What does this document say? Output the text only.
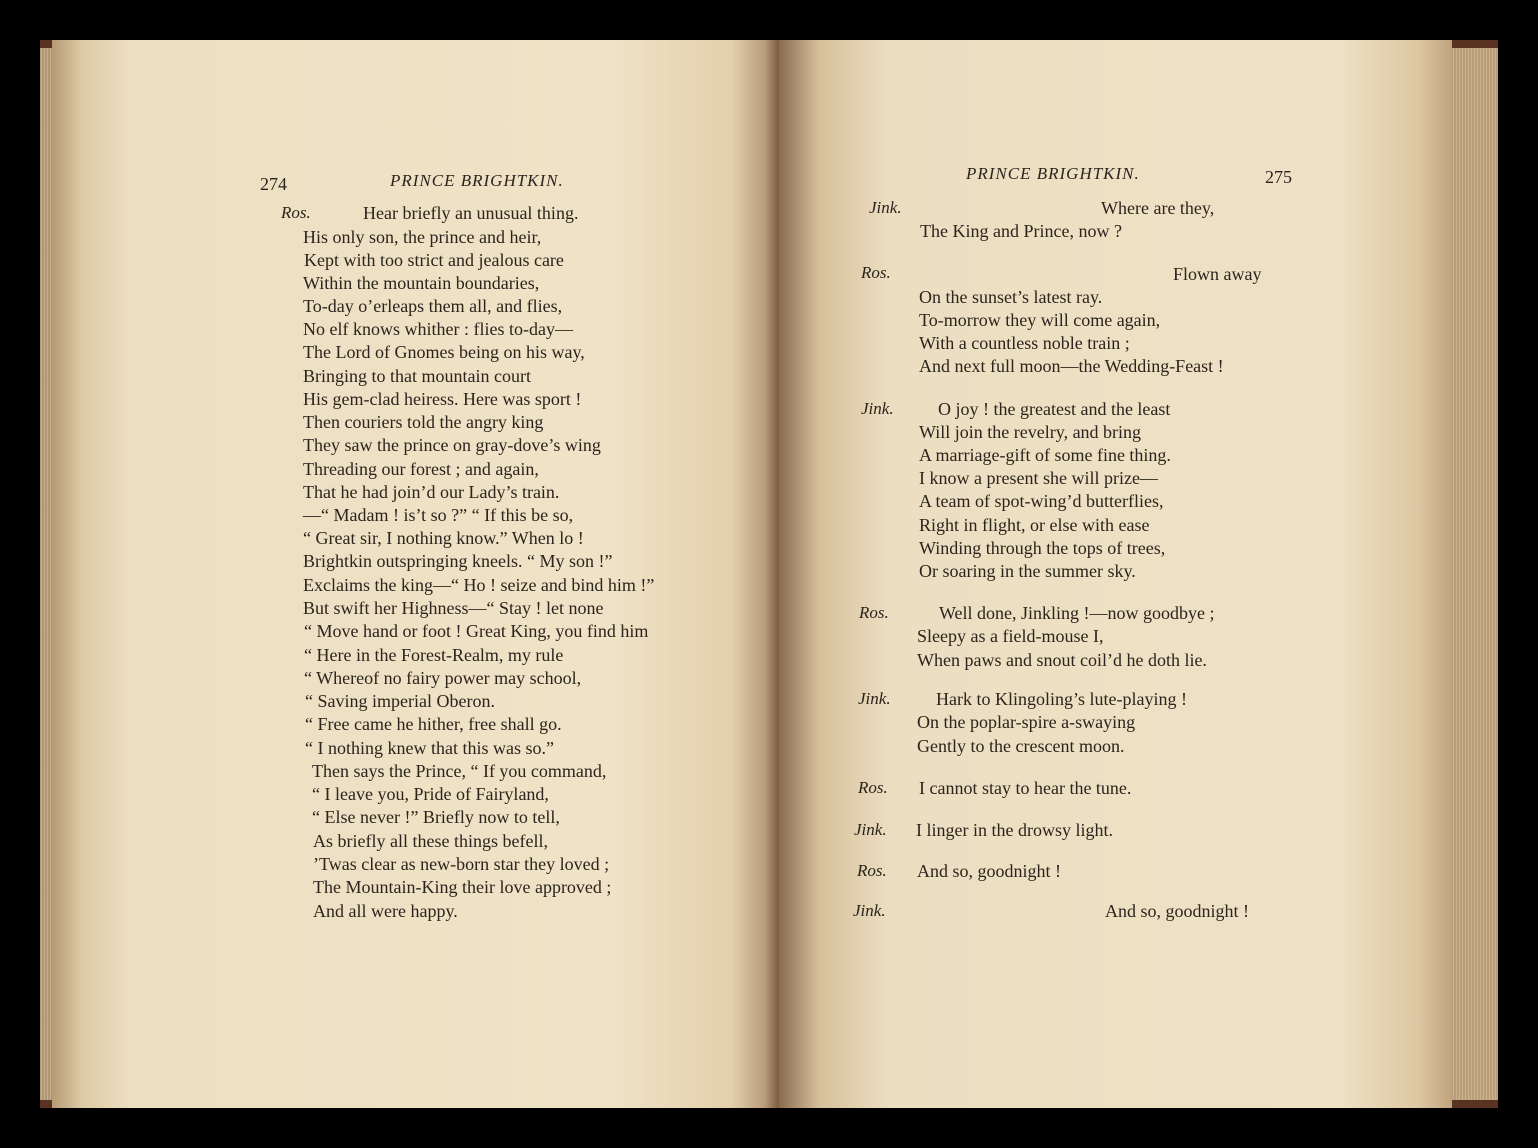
274	PRINCE BRIGHTKIN.
Ros.	Hear briefly an unusual thing.
His only son, the prince and heir,
Kept with too strict and jealous care
Within the mountain boundaries,
To-day o’erleaps them all, and flies,
No elf knows whither : flies to-day—
The Lord of Gnomes being on his way,
Bringing to that mountain court
His gem-clad heiress. Here was sport !
Then couriers told the angry king
They saw the prince on gray-dove’s wing
Threading our forest ; and again,
That he had join’d our Lady’s train.
—“ Madam ! is’t so ?” “ If this be so,
“ Great sir, I nothing know.” When lo !
Brightkin outspringing kneels. “ My son !”
Exclaims the king—“ Ho ! seize and bind him !”
But swift her Highness—“ Stay ! let none
“ Move hand or foot ! Great King, you find him
“ Here in the Forest-Realm, my rule
“ Whereof no fairy power may school,
“ Saving imperial Oberon.
“ Free came he hither, free shall go.
“ I nothing knew that this was so.”
Then says the Prince, “ If you command,
“ I leave you, Pride of Fairyland,
“ Else never !” Briefly now to tell,
As briefly all these things befell,
’Twas clear as new-born star they loved ;
The Mountain-King their love approved ;
And all were happy.
PRINCE BRIGHTKIN.	275
Jink.	Where are they,
The King and Prince, now ?
Ros.	Flown away
On the sunset’s latest ray.
To-morrow they will come again,
With a countless noble train ;
And next full moon—the Wedding-Feast !
Jink. O joy ! the greatest and the least
Will join the revelry, and bring
A marriage-gift of some fine thing.
I know a present she will prize—
A team of spot-wing’d butterflies,
Right in flight, or else with ease
Winding through the tops of trees,
Or soaring in the summer sky.
Ros.	Well done, Jinkling !—now goodbye ;
Sleepy as a field-mouse I,
When paws and snout coil’d he doth lie.
Jink.	Hark to Klingoling’s lute-playing !
On the poplar-spire a-swaying
Gently to the crescent moon.
Ros. I cannot stay to hear the tune.
Jink. I linger in the drowsy light.
Ros. And so, goodnight !
Jink.	And so, goodnight !
